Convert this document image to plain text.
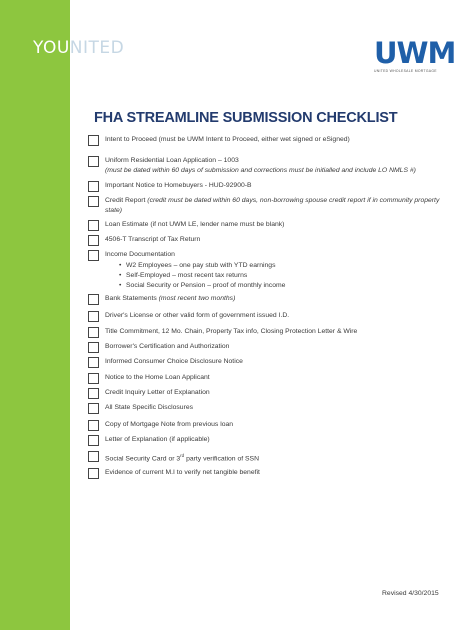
YOUNITED	UWM
UNITED WHOLESALE MORTGAGE
FHA STREAMLINE SUBMISSION CHECKLIST
Intent to Proceed (must be UWM Intent to Proceed, either wet signed or eSigned)
Uniform Residential Loan Application – 1003
(must be dated within 60 days of submission and corrections must be initialled and include LO NMLS #)
Important Notice to Homebuyers - HUD-92900-B
Credit Report (credit must be dated within 60 days, non-borrowing spouse credit report if in community property state)
Loan Estimate (if not UWM LE, lender name must be blank)
4506-T Transcript of Tax Return
Income Documentation
• W2 Employees – one pay stub with YTD earnings
• Self-Employed – most recent tax returns
• Social Security or Pension – proof of monthly income
Bank Statements (most recent two months)
Driver's License or other valid form of government issued I.D.
Title Commitment, 12 Mo. Chain, Property Tax info, Closing Protection Letter & Wire
Borrower's Certification and Authorization
Informed Consumer Choice Disclosure Notice
Notice to the Home Loan Applicant
Credit Inquiry Letter of Explanation
All State Specific Disclosures
Copy of Mortgage Note from previous loan
Letter of Explanation (if applicable)
Social Security Card or 3rd party verification of SSN
Evidence of current M.I to verify net tangible benefit
Revised 4/30/2015
